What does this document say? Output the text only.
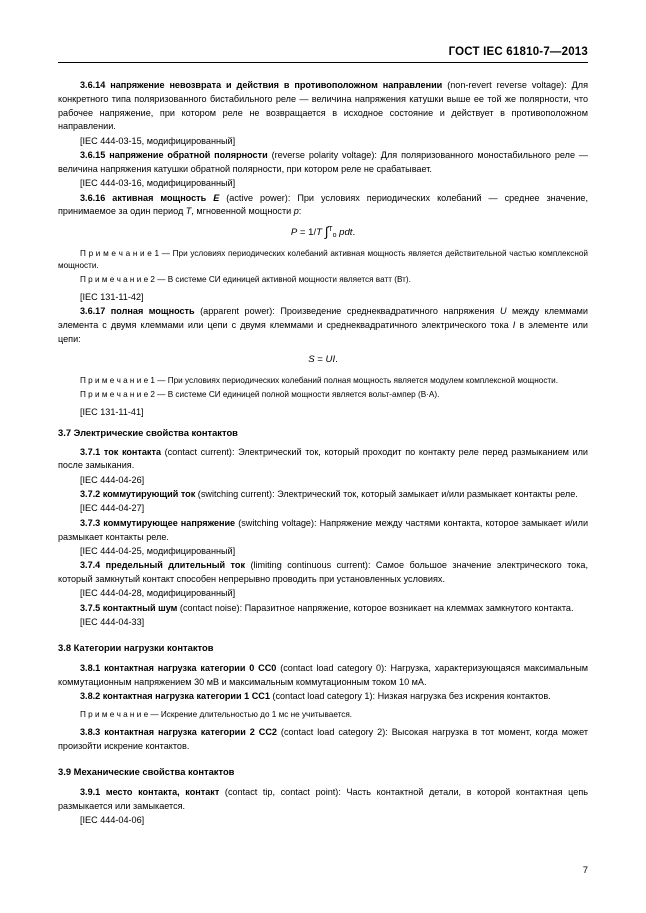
ГОСТ IEC 61810-7—2013

3.6.14 напряжение невозврата и действия в противоположном направлении (non-revert reverse voltage): Для конкретного типа поляризованного бистабильного реле — величина напряжения катушки выше ее той же полярности, что рабочее напряжение, при котором реле не возвращается в исходное состояние и действует в противоположном направлении.

[IEC 444-03-15, модифицированный]

3.6.15 напряжение обратной полярности (reverse polarity voltage): Для поляризованного моностабильного реле — величина напряжения катушки обратной полярности, при котором реле не срабатывает.

[IEC 444-03-16, модифицированный]

3.6.16 активная мощность E (active power): При условиях периодических колебаний — среднее значение, принимаемое за один период T, мгновенной мощности p:

P = 1/T ∫$^T_о$ pdt.

П р и м е ч а н и е 1 — При условиях периодических колебаний активная мощность является действительной частью комплексной мощности.

П р и м е ч а н и е 2 — В системе СИ единицей активной мощности является ватт (Вт).

[IEC 131-11-42]

3.6.17 полная мощность (apparent power): Произведение среднеквадратичного напряжения U между клеммами элемента с двумя клеммами или цепи с двумя клеммами и среднеквадратичного электрического тока I в элементе или цепи:

S = UI.

П р и м е ч а н и е 1 — При условиях периодических колебаний полная мощность является модулем комплексной мощности.

П р и м е ч а н и е 2 — В системе СИ единицей полной мощности является вольт-ампер (В·А).

[IEC 131-11-41]

3.7 Электрические свойства контактов

3.7.1 ток контакта (contact current): Электрический ток, который проходит по контакту реле перед размыканием или после замыкания.

[IEC 444-04-26]

3.7.2 коммутирующий ток (switching current): Электрический ток, который замыкает и/или размыкает контакты реле.

[IEC 444-04-27]

3.7.3 коммутирующее напряжение (switching voltage): Напряжение между частями контакта, которое замыкает и/или размыкает контакты реле.

[IEC 444-04-25, модифицированный]

3.7.4 предельный длительный ток (limiting continuous current): Самое большое значение электрического тока, который замкнутый контакт способен непрерывно проводить при установленных условиях.

[IEC 444-04-28, модифицированный]

3.7.5 контактный шум (contact noise): Паразитное напряжение, которое возникает на клеммах замкнутого контакта.

[IEC 444-04-33]

3.8 Категории нагрузки контактов

3.8.1 контактная нагрузка категории 0 CC0 (contact load category 0): Нагрузка, характеризующаяся максимальным коммутационным напряжением 30 мВ и максимальным коммутационным током 10 мА.

3.8.2 контактная нагрузка категории 1 CC1 (contact load category 1): Низкая нагрузка без искрения контактов.

П р и м е ч а н и е — Искрение длительностью до 1 мс не учитывается.

3.8.3 контактная нагрузка категории 2 CC2 (contact load category 2): Высокая нагрузка в тот момент, когда может произойти искрение контактов.

3.9 Механические свойства контактов

3.9.1 место контакта, контакт (contact tip, contact point): Часть контактной детали, в которой контактная цепь размыкается или замыкается.

[IEC 444-04-06]

7
